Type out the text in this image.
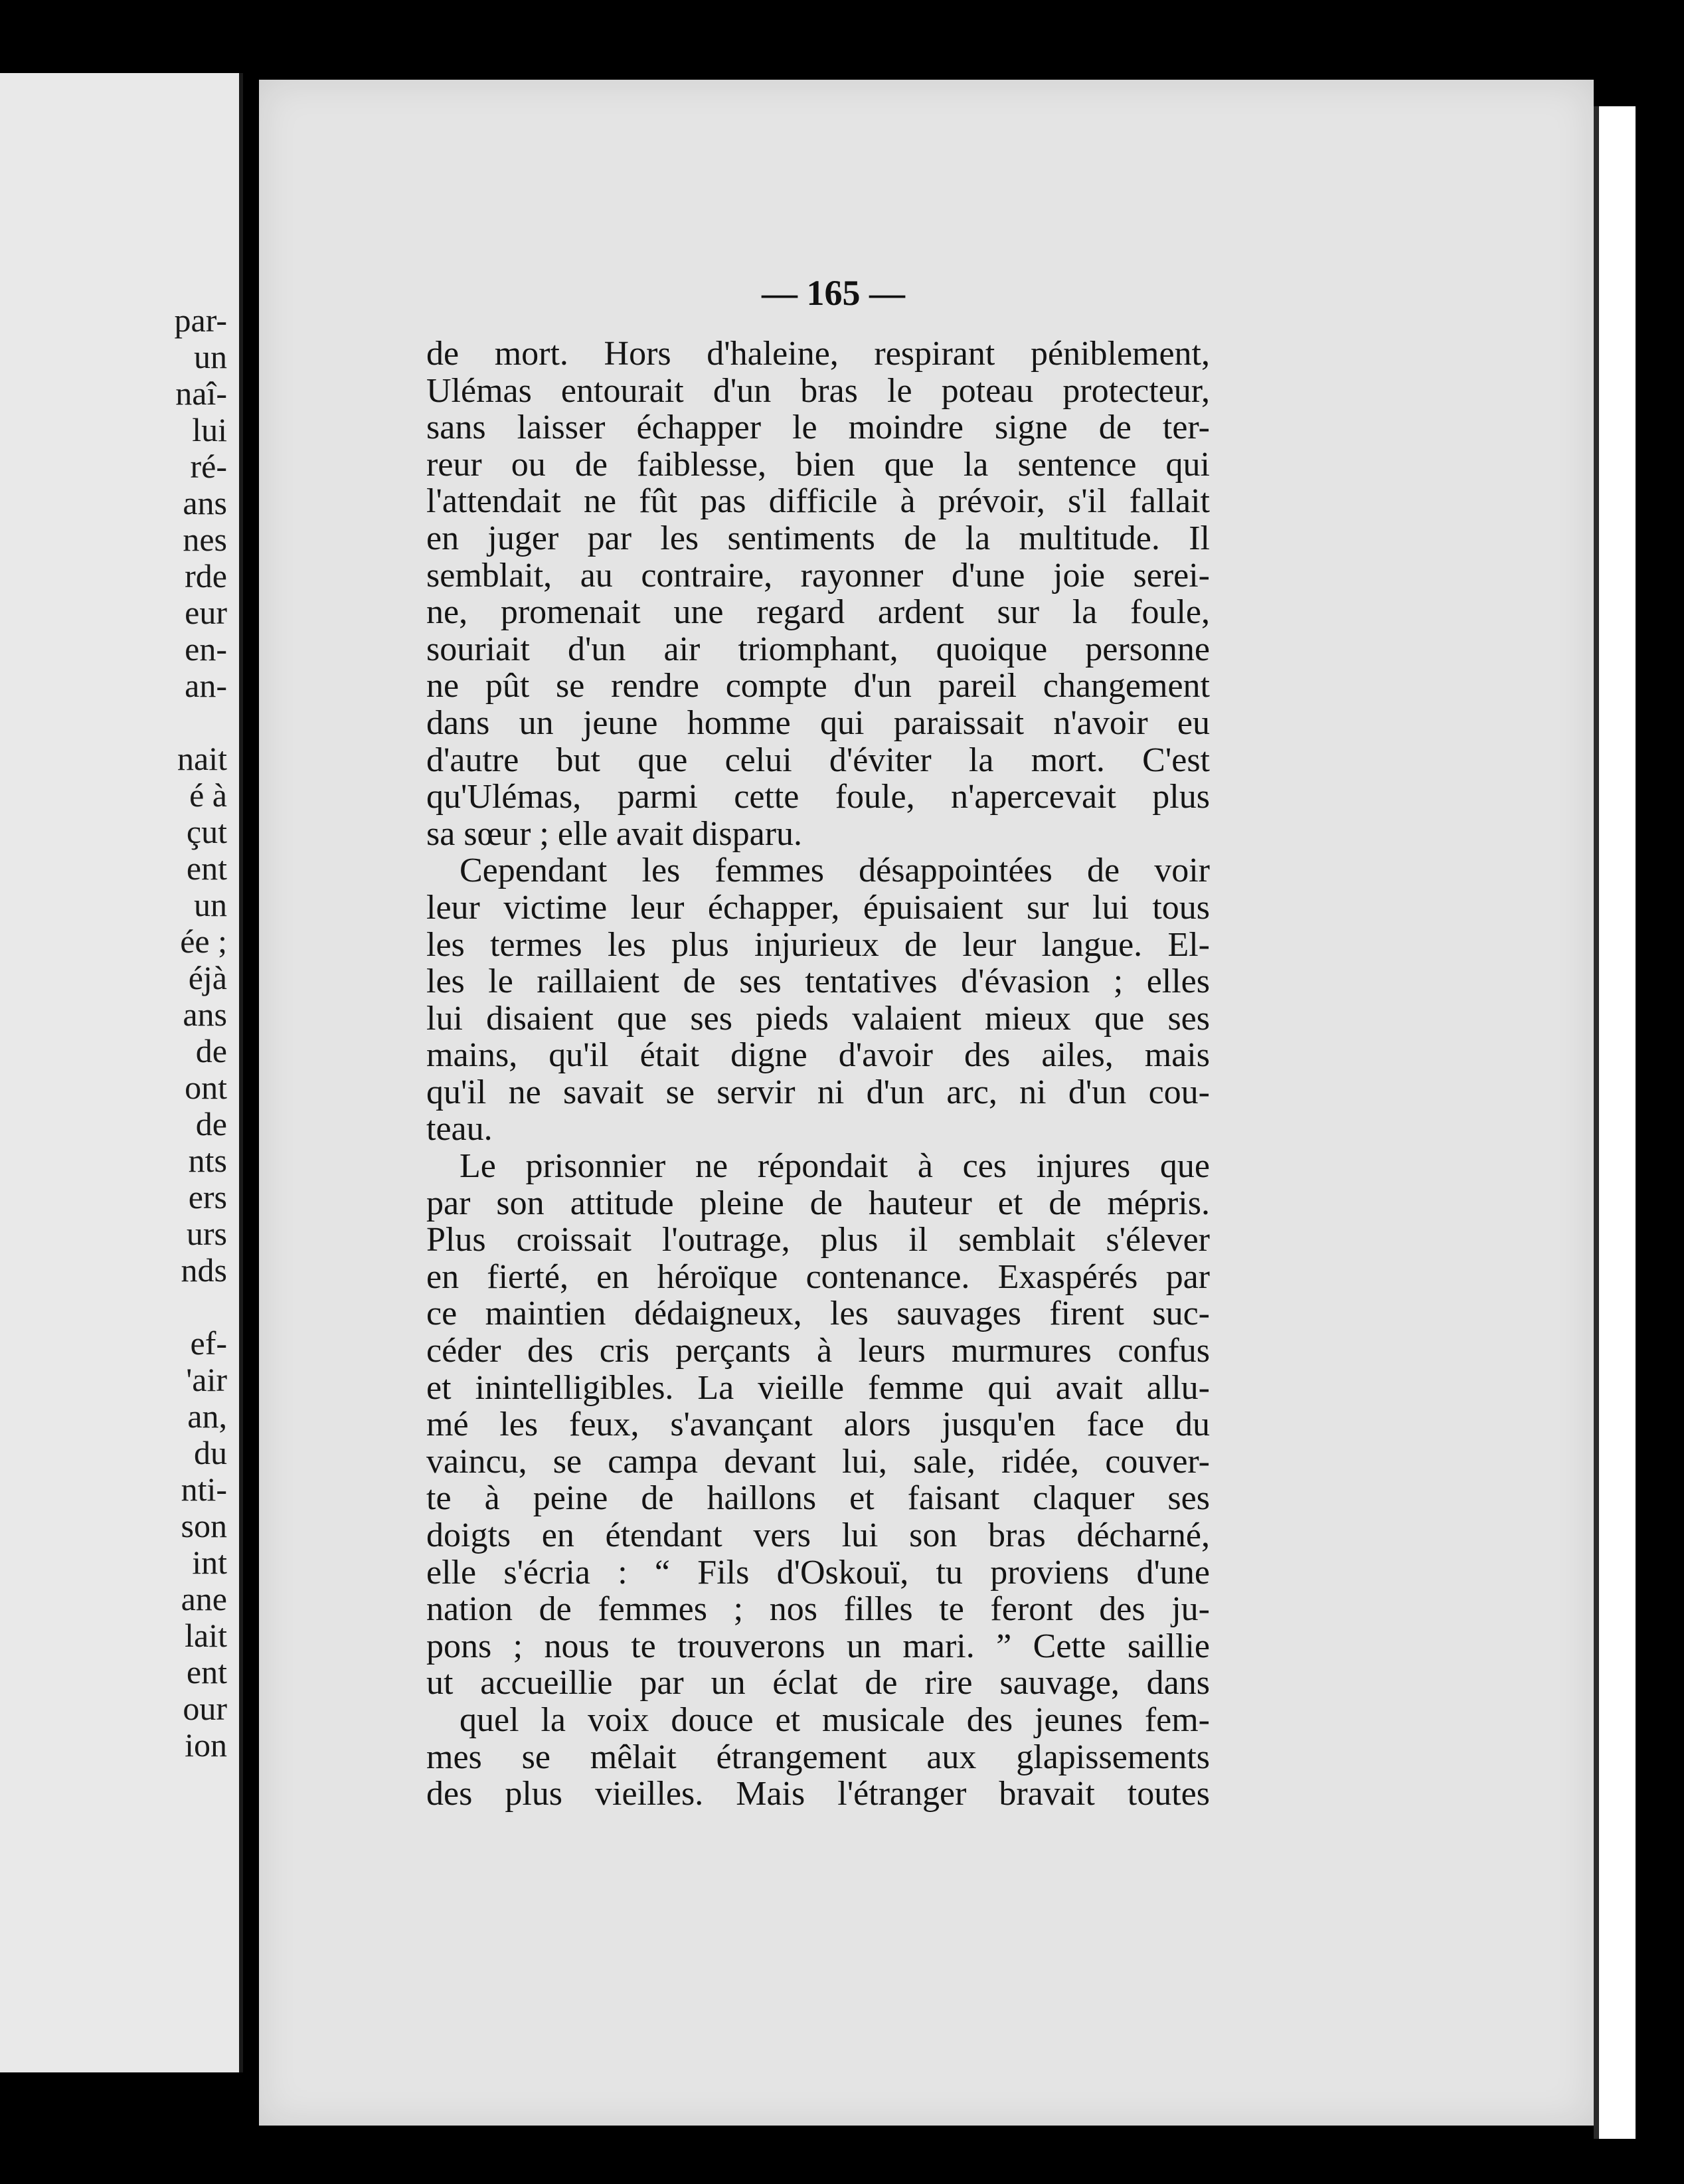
par-
un
naî-
lui
ré-
ans
nes
rde
eur
en-
an-
nait
é à
çut
ent
un
ée ;
éjà
ans
de
ont
de
nts
ers
urs
nds
ef-
'air
an,
du
nti-
son
int
ane
lait
ent
our
ion
— 165 —
de mort. Hors d'haleine, respirant péniblement,
Ulémas entourait d'un bras le poteau protecteur,
sans laisser échapper le moindre signe de ter-
reur ou de faiblesse, bien que la sentence qui
l'attendait ne fût pas difficile à prévoir, s'il fallait
en juger par les sentiments de la multitude. Il
semblait, au contraire, rayonner d'une joie serei-
ne, promenait une regard ardent sur la foule,
souriait d'un air triomphant, quoique personne
ne pût se rendre compte d'un pareil changement
dans un jeune homme qui paraissait n'avoir eu
d'autre but que celui d'éviter la mort. C'est
qu'Ulémas, parmi cette foule, n'apercevait plus
sa sœur ; elle avait disparu.
Cependant les femmes désappointées de voir
leur victime leur échapper, épuisaient sur lui tous
les termes les plus injurieux de leur langue. El-
les le raillaient de ses tentatives d'évasion ; elles
lui disaient que ses pieds valaient mieux que ses
mains, qu'il était digne d'avoir des ailes, mais
qu'il ne savait se servir ni d'un arc, ni d'un cou-
teau.
Le prisonnier ne répondait à ces injures que
par son attitude pleine de hauteur et de mépris.
Plus croissait l'outrage, plus il semblait s'élever
en fierté, en héroïque contenance. Exaspérés par
ce maintien dédaigneux, les sauvages firent suc-
céder des cris perçants à leurs murmures confus
et inintelligibles. La vieille femme qui avait allu-
mé les feux, s'avançant alors jusqu'en face du
vaincu, se campa devant lui, sale, ridée, couver-
te à peine de haillons et faisant claquer ses
doigts en étendant vers lui son bras décharné,
elle s'écria : “ Fils d'Oskouï, tu proviens d'une
nation de femmes ; nos filles te feront des ju-
pons ; nous te trouverons un mari. ” Cette saillie
ut accueillie par un éclat de rire sauvage, dans
quel la voix douce et musicale des jeunes fem-
mes se mêlait étrangement aux glapissements
des plus vieilles. Mais l'étranger bravait toutes
